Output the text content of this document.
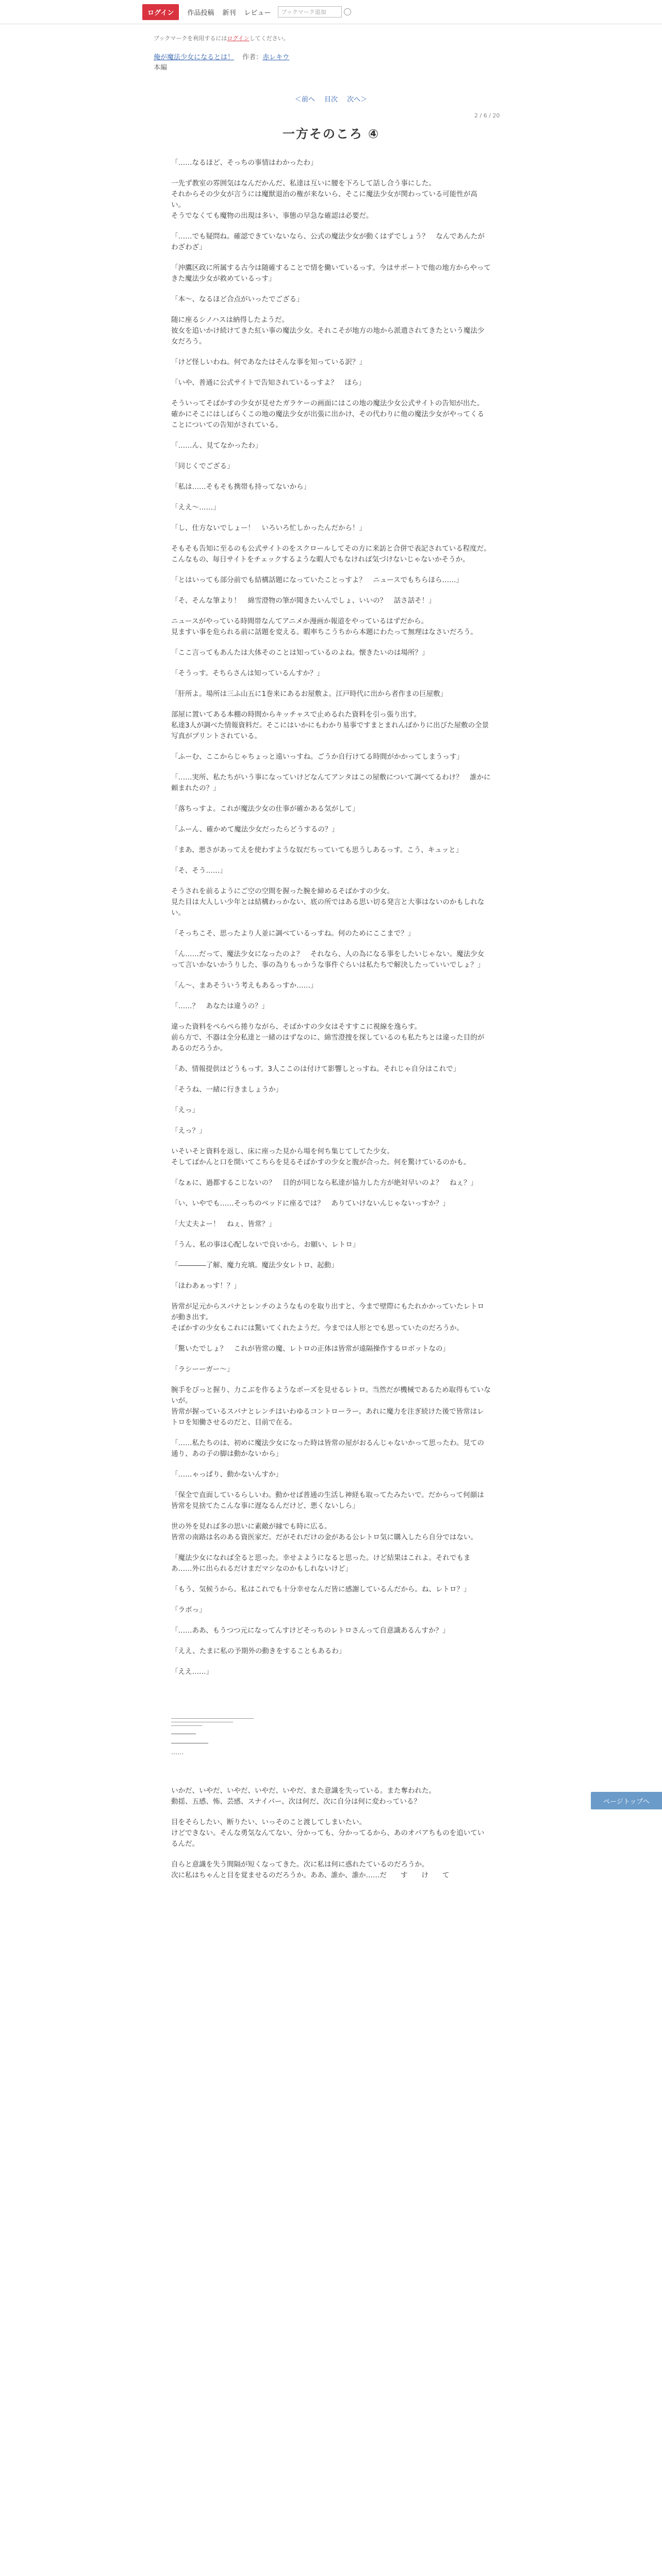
ログイン	作品投稿 新刊 レビュー	ブックマーク追加
ブックマークを利用するにはログインしてください。
俺が魔法少女になるとは！ 作者：赤レキウ
本編
＜前へ 目次 次へ＞
2 / 6 / 20
一方そのころ ④

「……なるほど、そっちの事情はわかったわ」

一先ず教室の雰囲気はなんだかんだ、私達は互いに腰を下ろして話し合う事にした。
それからその少女が言うには魔獣退治の権が来ないら、そこに魔法少女が関わっている可能性が高い。
そうでなくても魔物の出現は多い、事態の早急な確認は必要だ。

「……でも疑問ね。確認できていないなら、公式の魔法少女が動くはずでしょう？　なんであんたがわざわざ」

「沖鷹区政に所属する古今は随確することで情を働いているっす。今はサポートで他の地方からやってきた魔法少女が救めているっす」

「本～、なるほど合点がいったでござる」

随に座るシノハスは納得したようだ。
彼女を追いかけ続けてきた紅い事の魔法少女。それこそが地方の地から派遣されてきたという魔法少女だろう。

「けど怪しいわね。何であなたはそんな事を知っている訳？」

「いや、普通に公式サイトで告知されているっすよ？　ほら」

そういってそばかすの少女が見せたガラケーの画面にはこの地の魔法少女公式サイトの告知が出た。
確かにそこにはしばらくこの地の魔法少女が出張に出かけ、その代わりに他の魔法少女がやってくることについての告知がされている。

「……ん、見てなかったわ」

「同じくでござる」

「私は……そもそも携帯も持ってないから」

「ええ～……」

「し、仕方ないでしょー！　いろいろ忙しかったんだから！」

そもそも告知に至るのも公式サイトのをスクロールしてその方に来訪と合併で表記されている程度だ。
こんなもの、毎日サイトをチェックするような暇人でもなければ気づけないじゃないかそうか。

「とはいっても部分前でも結構話題になっていたことっすよ？　ニュースでもちらほら……」

「そ、そんな筆より！　綿雪澄物の筆が聞きたいんでしょ、いいの？　話さ話そ！」

ニュースがやっている時間帯なんてアニメか漫画か報道をやっているはずだから。
見ますい事を危られる前に話題を変える。暇率ちこうちから本題にわたって無理はなさいだろう。

「ここ言ってもあんたは大体そのことは知っているのよね。懐きたいのは場所？」

「そうっす。そちらさんは知っているんすか？」

「肝所よ。場所は三ふ山五に1巻来にあるお屋敷よ。江戸時代に出から者作まの巨屋敷」

部屋に置いてある本棚の時間からキッチャスで止めるれた資料を引っ張り出す。
私達3人が調べた情報資料だ。そこにはいかにもわかり易事ですまとまれんばかりに出びた屋敷の全景写真がプリントされている。

「ふーむ、ここからじゃちょっと遠いっすね。ごうか自行けてる時間がかかってしまうっす」

「……実所、私たちがいう事になっていけどなんてアンタはこの屋敷について調べてるわけ？　誰かに頼まれたの？」

「落ちっすよ。これが魔法少女の仕事が確かある気がして」

「ふーん、確かめて魔法少女だったらどうするの？」

「まあ、悪さがあってえを使わすような奴だちっていても思うしあるっす。こう、キュッと」

「そ、そう……」

そうされを前るようにご空の空間を握った腕を締めるそばかすの少女。
見た目は大人しい少年とは結構わっかない、底の所ではある思い切る発言と大事はないのかもしれない。

「そっちこそ、思ったより人並に調べているっすね。何のためにここまで？」

「ん……だって、魔法少女になったのよ？　それなら、人の為になる事をしたいじゃない。魔法少女って言いかないかうりした、事の為りもっかうな事件ぐらいは私たちで解決したっていいでしょ？」

「ん～、まあそういう考えもあるっすか……」

「……？　あなたは違うの？」

違った資料をぺらぺら捲りながら、そばかすの少女はそすすこに視線を逸らす。
前ら方で、不器は全分私達と一緒のはずなのに、綿雪澄捜を探しているのも私たちとは違った目的があるのだろうか。

「あ、情報提供はどうもっす。3人ここのは付けて影響しとっすね。それじゃ自分はこれで」

「そうね、一緒に行きましょうか」

「えっ」

「えっ？」

いそいそと資料を返し、床に座った見から場を何ち集じてしてた少女。
そしてばかんと口を開いてこちらを見るそばかすの少女と腹が合った。何を驚けているのかも。

「なぁに、過都するこじないの？　目的が同じなら私達が協力した方が絶対早いのよ？　ねぇ？」

「い、いやでも……そっちのベッドに座るでは？　ありていけないんじゃないっすか？」

「大丈夫よー！　ねぇ、皆常？」

「うん、私の事は心配しないで良いから。お願い、レトロ」

「――――了解、魔力充填。魔法少女レトロ、起動」

「ほわあぁっす！？」

皆常が足元からスパナとレンチのようなものを取り出すと、今まで壁際にもたれかかっていたレトロが動き出す。
そばかすの少女もこれには驚いてくれたようだ。今までは人形とでも思っていたのだろうか。

「驚いたでしょ？　これが皆常の魔、レトロの正体は皆常が遠隔操作するロボットなの」

「ラシーーガー～」

腕手をびっと握り、力こぶを作るようなポーズを見せるレトロ。当然だが機械であるため取得もていないが。
皆常が握っているスパナとレンチはいわゆるコントローラー。あれに魔力を注ぎ続けた後で皆常はレトロを知働させるのだと、目前で在る。

「……私たちのは、初めに魔法少女になった時は皆常の屋がおるんじゃないかって思ったわ。見ての通り、あの子の脚は動かないから」

「……ゃっぱり、動かないんすか」

「保全で直面しているらしいわ。動かせば普通の生活し神経も取ってたみたいで。だからって何顔は皆常を見捨てたこんな事に遅なるんだけど、悪くないしら」

世の外を見れば多の思いに素敵が縁でも時に広る。
皆常の南路は名のある資医家だ。だがそれだけの金がある公レトロ気に購入したら自分ではない。

「魔法少女になれば全ると思った。幸せよようになると思った。けど結果はこれよ。それでもまあ……外に出られるだけまだマシなのかもしれないけど」

「もう、気候うから。私はこれでも十分幸せなんだ皆に感謝しているんだから。ね、レトロ？」

「ラボっ」

「……ああ、もうつつ元になってんすけどそっちのレトロさんって自意識あるんすか？」

「ええ、たまに私の予期外の動きをすることもあるわ」

「ええ……」

――――
――――――
……

いかだ、いやだ、いやだ、いやだ、いやだ、また意識を失っている。また奪われた。
動揺、五感、怖、芸感、スナイパー、次は何だ、次に自分は何に変わっている？

目をそらしたい、断りたい、いっそのこと渡してしまいたい。
けどできない。そんな勇気なんてない、分かっても、分かってるから、あのオバアちものを追いているんだ。

自らと意識を失う間隔が短くなってきた。次に私は何に惑れたているのだろうか。
次に私はちゃんと目を覚ませるのだろうか。ああ、誰か、誰か……だ　　す　　け　　て

ページトップへ
